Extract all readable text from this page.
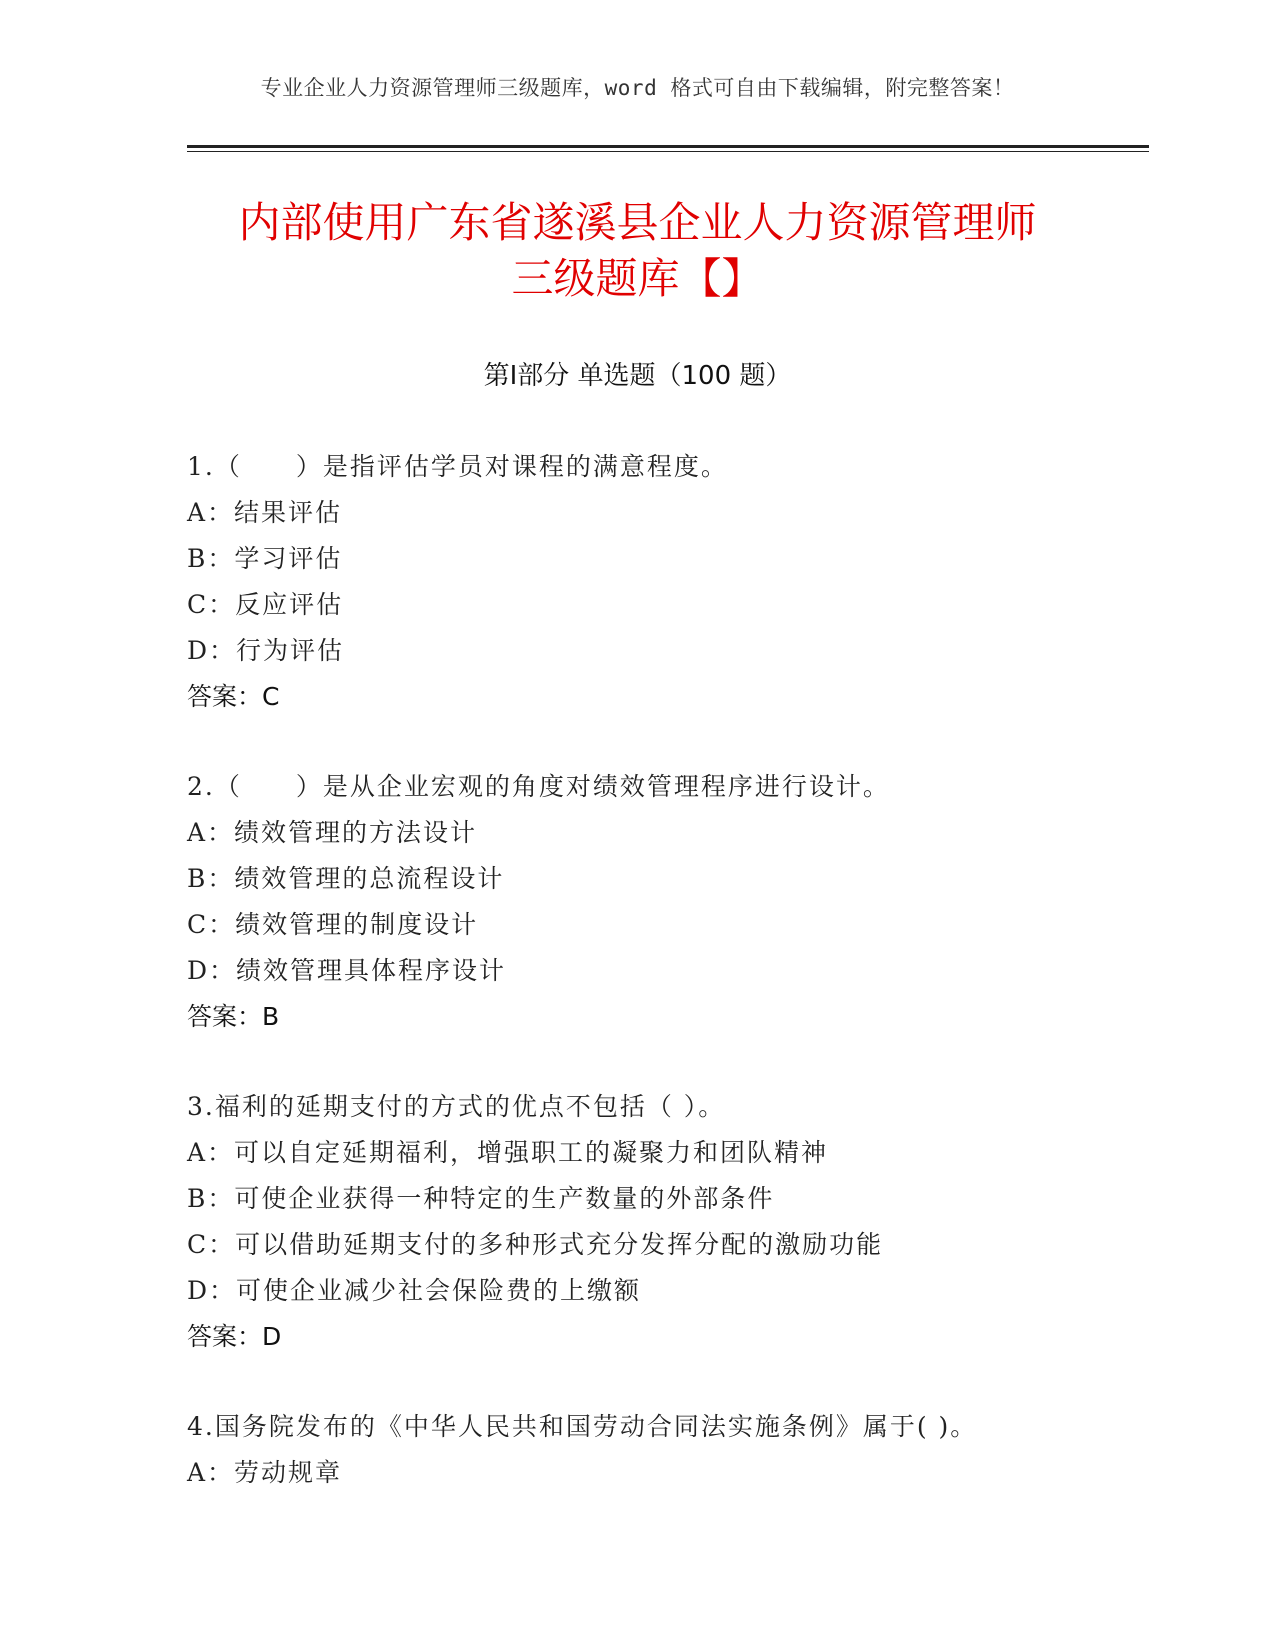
专业企业人力资源管理师三级题库，word 格式可自由下载编辑，附完整答案！
内部使用广东省遂溪县企业人力资源管理师
三级题库【】
第Ⅰ部分 单选题（100 题）
1.（　　）是指评估学员对课程的满意程度。
A：结果评估
B：学习评估
C：反应评估
D：行为评估
答案：C
2.（　　）是从企业宏观的角度对绩效管理程序进行设计。
A：绩效管理的方法设计
B：绩效管理的总流程设计
C：绩效管理的制度设计
D：绩效管理具体程序设计
答案：B
3.福利的延期支付的方式的优点不包括（ ）。
A：可以自定延期福利，增强职工的凝聚力和团队精神
B：可使企业获得一种特定的生产数量的外部条件
C：可以借助延期支付的多种形式充分发挥分配的激励功能
D：可使企业减少社会保险费的上缴额
答案：D
4.国务院发布的《中华人民共和国劳动合同法实施条例》属于( )。
A：劳动规章
